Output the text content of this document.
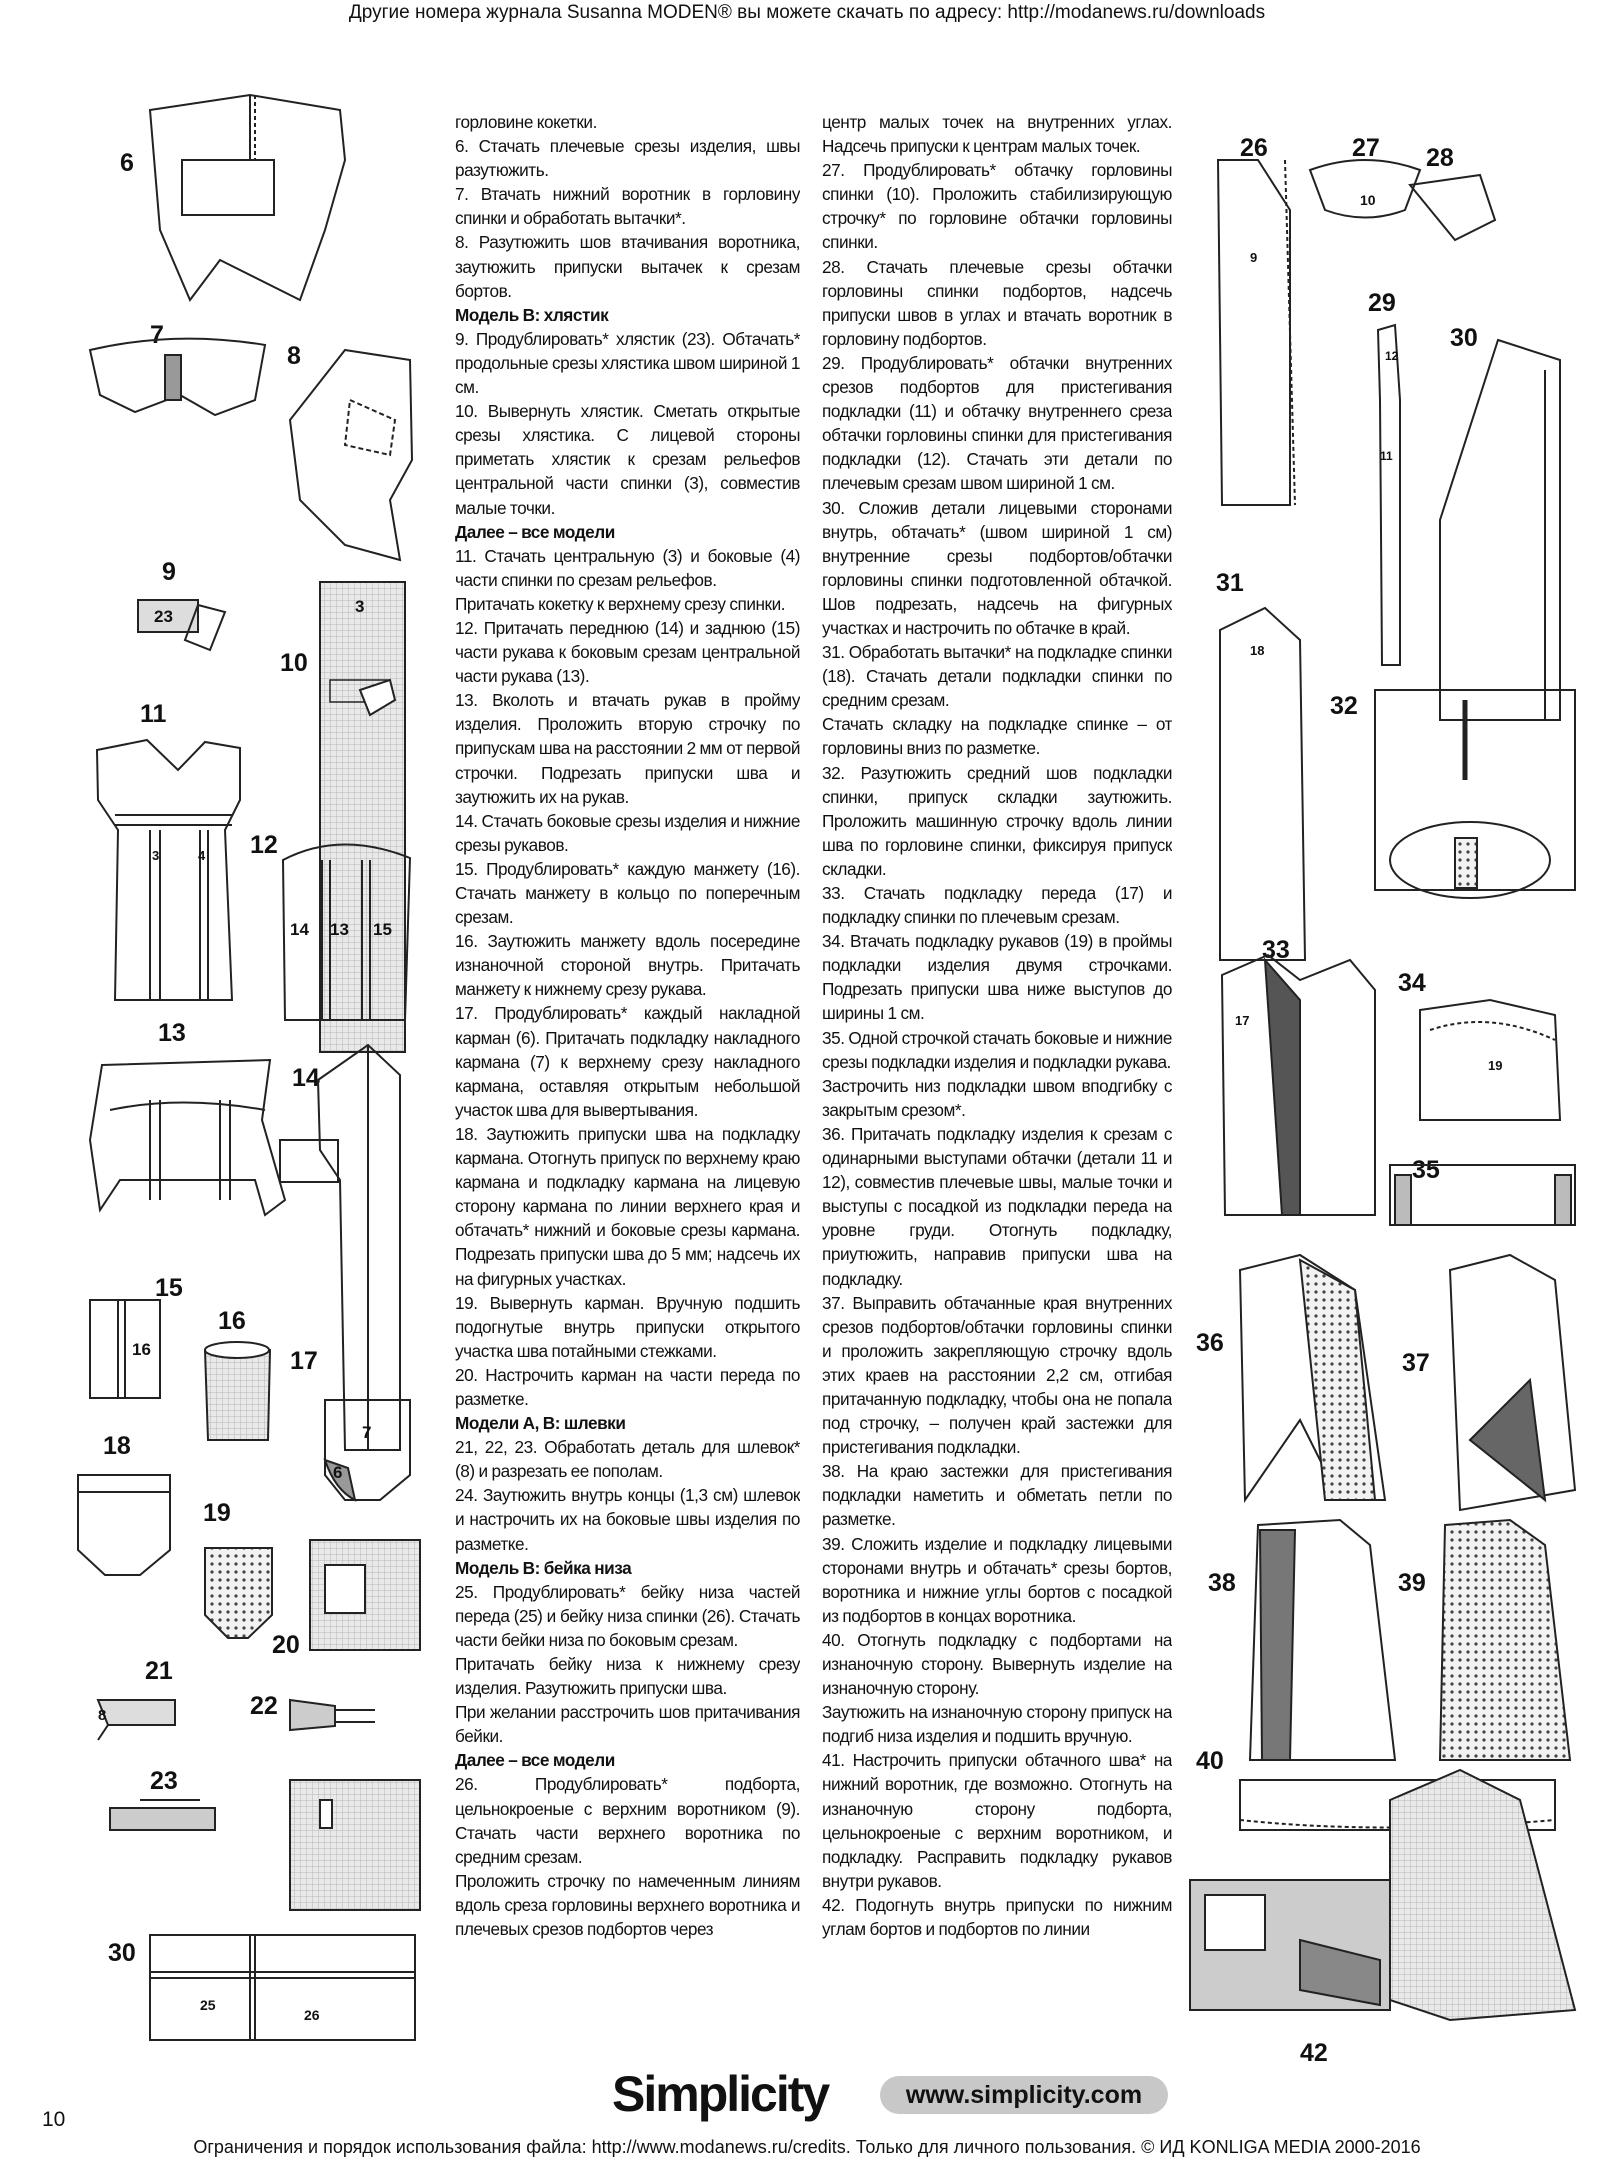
Другие номера журнала Susanna MODEN® вы можете скачать по адресу: http://modanews.ru/downloads
горловине кокетки.
6. Стачать плечевые срезы изделия, швы разутюжить.
7. Втачать нижний воротник в горловину спинки и обработать вытачки*.
8. Разутюжить шов втачивания воротника, заутюжить припуски вытачек к срезам бортов.
Модель В: хлястик
9. Продублировать* хлястик (23). Обтачать* продольные срезы хлястика швом шириной 1 см.
10. Вывернуть хлястик. Сметать открытые срезы хлястика. С лицевой стороны приметать хлястик к срезам рельефов центральной части спинки (3), совместив малые точки.
Далее – все модели
11. Стачать центральную (3) и боковые (4) части спинки по срезам рельефов.
Притачать кокетку к верхнему срезу спинки.
12. Притачать переднюю (14) и заднюю (15) части рукава к боковым срезам центральной части рукава (13).
13. Вколоть и втачать рукав в пройму изделия. Проложить вторую строчку по припускам шва на расстоянии 2 мм от первой строчки. Подрезать припуски шва и заутюжить их на рукав.
14. Стачать боковые срезы изделия и нижние срезы рукавов.
15. Продублировать* каждую манжету (16). Стачать манжету в кольцо по поперечным срезам.
16. Заутюжить манжету вдоль посередине изнаночной стороной внутрь. Притачать манжету к нижнему срезу рукава.
17. Продублировать* каждый накладной карман (6). Притачать подкладку накладного кармана (7) к верхнему срезу накладного кармана, оставляя открытым небольшой участок шва для вывертывания.
18. Заутюжить припуски шва на подкладку кармана. Отогнуть припуск по верхнему краю кармана и подкладку кармана на лицевую сторону кармана по линии верхнего края и обтачать* нижний и боковые срезы кармана. Подрезать припуски шва до 5 мм; надсечь их на фигурных участках.
19. Вывернуть карман. Вручную подшить подогнутые внутрь припуски открытого участка шва потайными стежками.
20. Настрочить карман на части переда по разметке.
Модели А, В: шлевки
21, 22, 23. Обработать деталь для шлевок* (8) и разрезать ее пополам.
24. Заутюжить внутрь концы (1,3 см) шлевок и настрочить их на боковые швы изделия по разметке.
Модель В: бейка низа
25. Продублировать* бейку низа частей переда (25) и бейку низа спинки (26). Стачать части бейки низа по боковым срезам.
Притачать бейку низа к нижнему срезу изделия. Разутюжить припуски шва.
При желании расстрочить шов притачивания бейки.
Далее – все модели
26. Продублировать* подборта, цельнокроеные с верхним воротником (9). Стачать части верхнего воротника по средним срезам.
Проложить строчку по намеченным линиям вдоль среза горловины верхнего воротника и плечевых срезов подбортов через
центр малых точек на внутренних углах. Надсечь припуски к центрам малых точек.
27. Продублировать* обтачку горловины спинки (10). Проложить стабилизирующую строчку* по горловине обтачки горловины спинки.
28. Стачать плечевые срезы обтачки горловины спинки подбортов, надсечь припуски швов в углах и втачать воротник в горловину подбортов.
29. Продублировать* обтачки внутренних срезов подбортов для пристегивания подкладки (11) и обтачку внутреннего среза обтачки горловины спинки для пристегивания подкладки (12). Стачать эти детали по плечевым срезам швом шириной 1 см.
30. Сложив детали лицевыми сторонами внутрь, обтачать* (швом шириной 1 см) внутренние срезы подбортов/обтачки горловины спинки подготовленной обтачкой. Шов подрезать, надсечь на фигурных участках и настрочить по обтачке в край.
31. Обработать вытачки* на подкладке спинки (18). Стачать детали подкладки спинки по средним срезам.
Стачать складку на подкладке спинке – от горловины вниз по разметке.
32. Разутюжить средний шов подкладки спинки, припуск складки заутюжить. Проложить машинную строчку вдоль линии шва по горловине спинки, фиксируя припуск складки.
33. Стачать подкладку переда (17) и подкладку спинки по плечевым срезам.
34. Втачать подкладку рукавов (19) в проймы подкладки изделия двумя строчками. Подрезать припуски шва ниже выступов до ширины 1 см.
35. Одной строчкой стачать боковые и нижние срезы подкладки изделия и подкладки рукава.
Застрочить низ подкладки швом вподгибку с закрытым срезом*.
36. Притачать подкладку изделия к срезам с одинарными выступами обтачки (детали 11 и 12), совместив плечевые швы, малые точки и выступы с посадкой из подкладки переда на уровне груди. Отогнуть подкладку, приутюжить, направив припуски шва на подкладку.
37. Выправить обтачанные края внутренних срезов подбортов/обтачки горловины спинки и проложить закрепляющую строчку вдоль этих краев на расстоянии 2,2 см, отгибая притачанную подкладку, чтобы она не попала под строчку, – получен край застежки для пристегивания подкладки.
38. На краю застежки для пристегивания подкладки наметить и обметать петли по разметке.
39. Сложить изделие и подкладку лицевыми сторонами внутрь и обтачать* срезы бортов, воротника и нижние углы бортов с посадкой из подбортов в концах воротника.
40. Отогнуть подкладку с подбортами на изнаночную сторону. Вывернуть изделие на изнаночную сторону.
Заутюжить на изнаночную сторону припуск на подгиб низа изделия и подшить вручную.
41. Настрочить припуски обтачного шва* на нижний воротник, где возможно. Отогнуть на изнаночную сторону подборта, цельнокроеные с верхним воротником, и подкладку. Расправить подкладку рукавов внутри рукавов.
42. Подогнуть внутрь припуски по нижним углам бортов и подбортов по линии
6
7
8
9
10
11
12
13
14
15
16
17
18
19
20
21
22
23
30
26	27 28
29
30
31
32
33
34
35
36
37
38	39
40
42
23
3
3	4
14 13 15
16
7
6
8
25
26
9
10
12
11
18
17
19
Simplicity	www.simplicity.com
10
Ограничения и порядок использования файла: http://www.modanews.ru/credits. Только для личного пользования. © ИД KONLIGA MEDIA 2000-2016
